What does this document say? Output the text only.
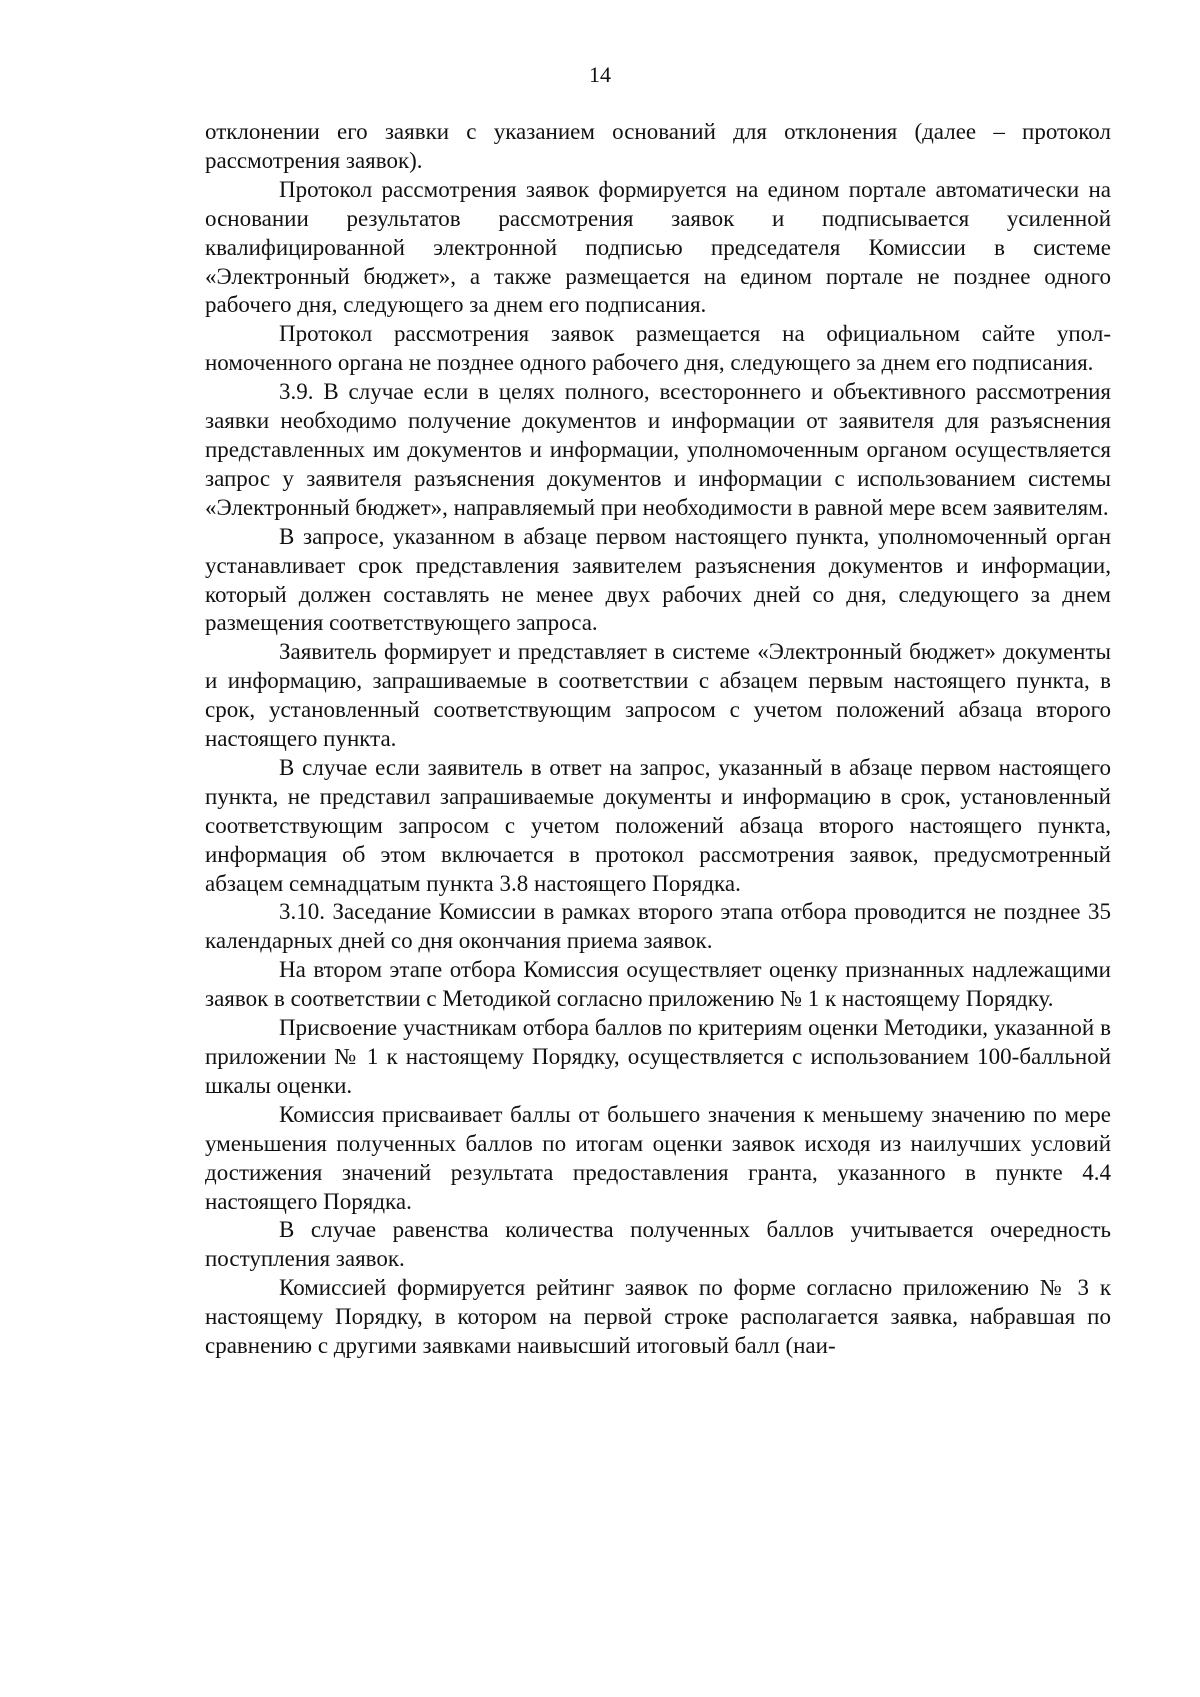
14

отклонении его заявки с указанием оснований для отклонения (далее – протокол рассмотрения заявок).

Протокол рассмотрения заявок формируется на едином портале автоматически на основании результатов рассмотрения заявок и подписывается усиленной квалифицированной электронной подписью председателя Комиссии в системе «Электронный бюджет», а также размещается на едином портале не позднее одного рабочего дня, следующего за днем его подписания.

Протокол рассмотрения заявок размещается на официальном сайте уполномоченного органа не позднее одного рабочего дня, следующего за днем его подписания.

3.9. В случае если в целях полного, всестороннего и объективного рассмотрения заявки необходимо получение документов и информации от заявителя для разъяснения представленных им документов и информации, уполномоченным органом осуществляется запрос у заявителя разъяснения документов и информации с использованием системы «Электронный бюджет», направляемый при необходимости в равной мере всем заявителям.

В запросе, указанном в абзаце первом настоящего пункта, уполномоченный орган устанавливает срок представления заявителем разъяснения документов и информации, который должен составлять не менее двух рабочих дней со дня, следующего за днем размещения соответствующего запроса.

Заявитель формирует и представляет в системе «Электронный бюджет» документы и информацию, запрашиваемые в соответствии с абзацем первым настоящего пункта, в срок, установленный соответствующим запросом с учетом положений абзаца второго настоящего пункта.

В случае если заявитель в ответ на запрос, указанный в абзаце первом настоящего пункта, не представил запрашиваемые документы и информацию в срок, установленный соответствующим запросом с учетом положений абзаца второго настоящего пункта, информация об этом включается в протокол рассмотрения заявок, предусмотренный абзацем семнадцатым пункта 3.8 настоящего Порядка.

3.10. Заседание Комиссии в рамках второго этапа отбора проводится не позднее 35 календарных дней со дня окончания приема заявок.

На втором этапе отбора Комиссия осуществляет оценку признанных надлежащими заявок в соответствии с Методикой согласно приложению № 1 к настоящему Порядку.

Присвоение участникам отбора баллов по критериям оценки Методики, указанной в приложении № 1 к настоящему Порядку, осуществляется с использованием 100-балльной шкалы оценки.

Комиссия присваивает баллы от большего значения к меньшему значению по мере уменьшения полученных баллов по итогам оценки заявок исходя из наилучших условий достижения значений результата предоставления гранта, указанного в пункте 4.4 настоящего Порядка.

В случае равенства количества полученных баллов учитывается очередность поступления заявок.

Комиссией формируется рейтинг заявок по форме согласно приложению № 3 к настоящему Порядку, в котором на первой строке располагается заявка, набравшая по сравнению с другими заявками наивысший итоговый балл (наи-
